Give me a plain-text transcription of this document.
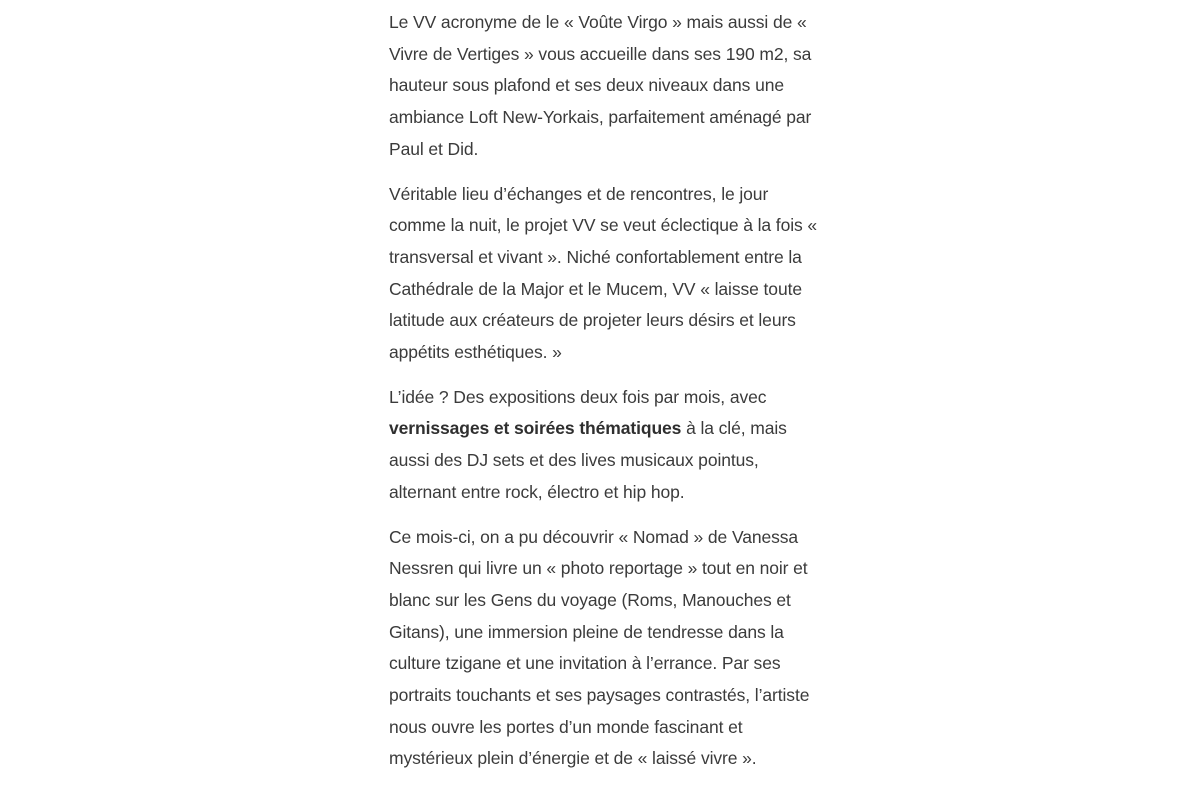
Le VV acronyme de le « Voûte Virgo » mais aussi de « Vivre de Vertiges » vous accueille dans ses 190 m2, sa hauteur sous plafond et ses deux niveaux dans une ambiance Loft New-Yorkais, parfaitement aménagé par Paul et Did.

Véritable lieu d’échanges et de rencontres, le jour comme la nuit, le projet VV se veut éclectique à la fois « transversal et vivant ». Niché confortablement entre la Cathédrale de la Major et le Mucem, VV « laisse toute latitude aux créateurs de projeter leurs désirs et leurs appétits esthétiques. »

L’idée ? Des expositions deux fois par mois, avec vernissages et soirées thématiques à la clé, mais aussi des DJ sets et des lives musicaux pointus, alternant entre rock, électro et hip hop.

Ce mois-ci, on a pu découvrir « Nomad » de Vanessa Nessren qui livre un « photo reportage » tout en noir et blanc sur les Gens du voyage (Roms, Manouches et Gitans), une immersion pleine de tendresse dans la culture tzigane et une invitation à l’errance. Par ses portraits touchants et ses paysages contrastés, l’artiste nous ouvre les portes d’un monde fascinant et mystérieux plein d’énergie et de « laissé vivre ».
